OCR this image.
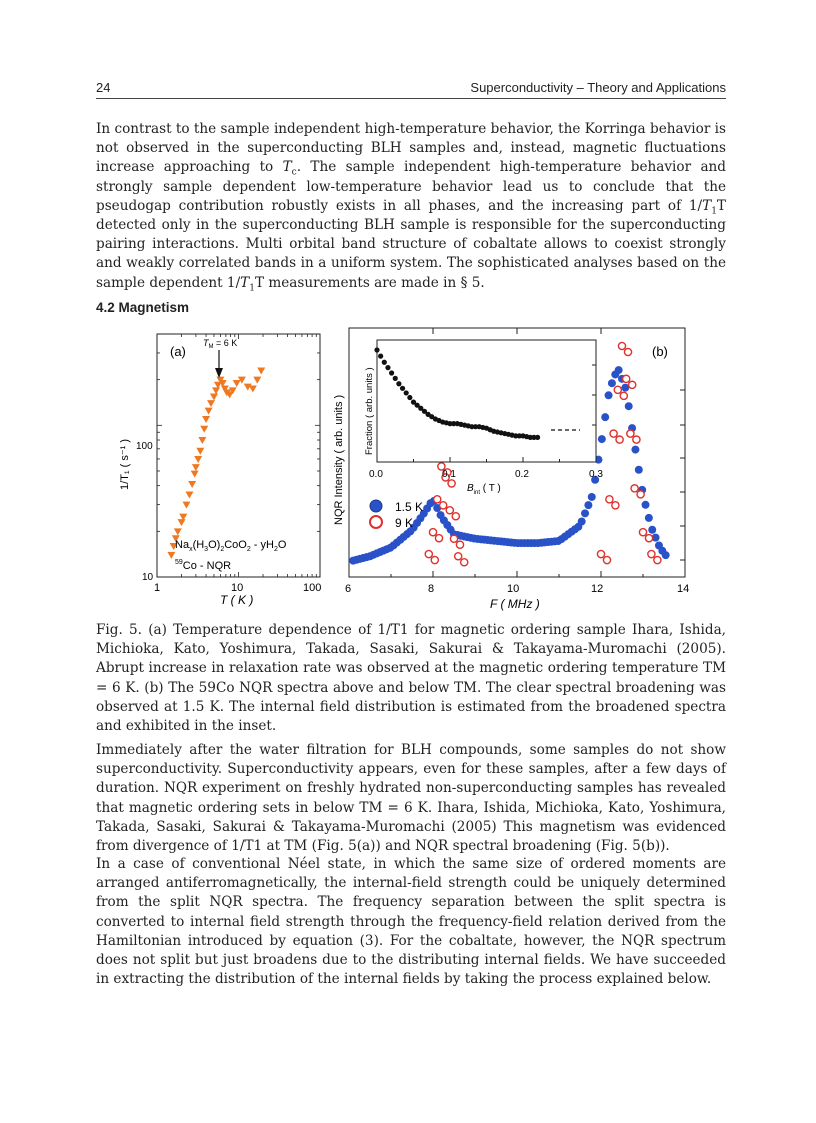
24	Superconductivity – Theory and Applications

In contrast to the sample independent high-temperature behavior, the Korringa behavior is not observed in the superconducting BLH samples and, instead, magnetic fluctuations increase approaching to $T_c$. The sample independent high-temperature behavior and strongly sample dependent low-temperature behavior lead us to conclude that the pseudogap contribution robustly exists in all phases, and the increasing part of $1/T_1T$ detected only in the superconducting BLH sample is responsible for the superconducting pairing interactions. Multi orbital band structure of cobaltate allows to coexist strongly and weakly correlated bands in a uniform system. The sophisticated analyses based on the sample dependent $1/T_1T$ measurements are made in § 5.

4.2 Magnetism
(a)
$T_M = 6$ K
100
10
1	10	100
T ( K )
1/T₁ ( s⁻¹ )
$Na_x(H_3O)_2CoO_2 - yH_2O$
$^{59}$Co - NQR
(b)
6	8	10	12	14
F ( MHz )
NQR Intensity ( arb. units )	1.5 K
9 K
0.0	0.1	0.2	0.3
$B_{int}$ ( T )
Fraction ( arb. units )

Fig. 5. (a) Temperature dependence of 1/T1 for magnetic ordering sample Ihara, Ishida, Michioka, Kato, Yoshimura, Takada, Sasaki, Sakurai & Takayama-Muromachi (2005). Abrupt increase in relaxation rate was observed at the magnetic ordering temperature TM = 6 K. (b) The 59Co NQR spectra above and below TM. The clear spectral broadening was observed at 1.5 K. The internal field distribution is estimated from the broadened spectra and exhibited in the inset.

Immediately after the water filtration for BLH compounds, some samples do not show superconductivity. Superconductivity appears, even for these samples, after a few days of duration. NQR experiment on freshly hydrated non-superconducting samples has revealed that magnetic ordering sets in below TM = 6 K. Ihara, Ishida, Michioka, Kato, Yoshimura, Takada, Sasaki, Sakurai & Takayama-Muromachi (2005) This magnetism was evidenced from divergence of 1/T1 at TM (Fig. 5(a)) and NQR spectral broadening (Fig. 5(b)).

In a case of conventional Néel state, in which the same size of ordered moments are arranged antiferromagnetically, the internal-field strength could be uniquely determined from the split NQR spectra. The frequency separation between the split spectra is converted to internal field strength through the frequency-field relation derived from the Hamiltonian introduced by equation (3). For the cobaltate, however, the NQR spectrum does not split but just broadens due to the distributing internal fields. We have succeeded in extracting the distribution of the internal fields by taking the process explained below.
